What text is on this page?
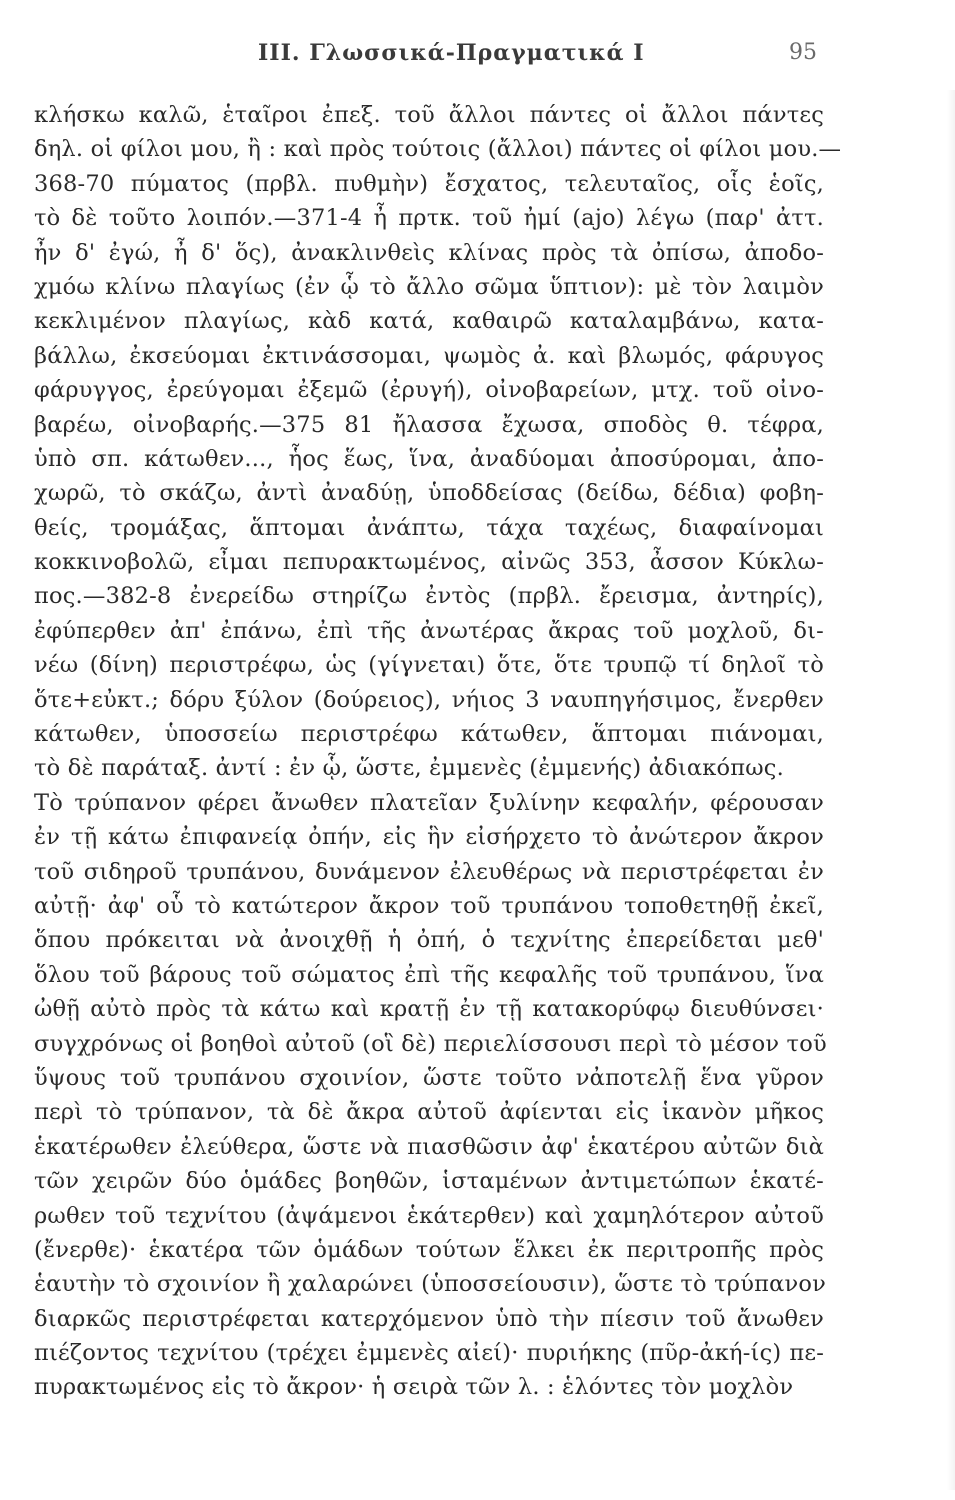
III. Γλωσσικά-Πραγματικά I	95
κλήσκω καλῶ, ἑταῖροι ἐπεξ. τοῦ ἄλλοι πάντες οἱ ἄλλοι πάντες
δηλ. οἱ φίλοι μου, ἢ : καὶ πρὸς τούτοις (ἄλλοι) πάντες οἱ φίλοι μου.—
368-70 πύματος (πρβλ. πυθμὴν) ἔσχατος, τελευταῖος, οἷς ἑοῖς,
τὸ δὲ τοῦτο λοιπόν.—371-4 ἦ πρτκ. τοῦ ἠμί (ajo) λέγω (παρ' ἀττ.
ἦν δ' ἐγώ, ἦ δ' ὅς), ἀνακλινθεὶς κλίνας πρὸς τὰ ὀπίσω, ἀποδο-
χμόω κλίνω πλαγίως (ἐν ᾧ τὸ ἄλλο σῶμα ὕπτιον): μὲ τὸν λαιμὸν
κεκλιμένον πλαγίως, κὰδ κατά, καθαιρῶ καταλαμβάνω, κατα-
βάλλω, ἐκσεύομαι ἐκτινάσσομαι, ψωμὸς ἀ. καὶ βλωμός, φάρυγος
φάρυγγος, ἐρεύγομαι ἐξεμῶ (ἐρυγή), οἰνοβαρείων, μτχ. τοῦ οἰνο-
βαρέω, οἰνοβαρής.—375 81 ἤλασσα ἔχωσα, σποδὸς θ. τέφρα,
ὑπὸ σπ. κάτωθεν..., ἧος ἕως, ἵνα, ἀναδύομαι ἀποσύρομαι, ἀπο-
χωρῶ, τὸ σκάζω, ἀντὶ ἀναδύῃ, ὑποδδείσας (δείδω, δέδια) φοβη-
θείς, τρομάξας, ἅπτομαι ἀνάπτω, τάχα ταχέως, διαφαίνομαι
κοκκινοβολῶ, εἶμαι πεπυρακτωμένος, αἰνῶς 353, ἆσσον Κύκλω-
πος.—382-8 ἐνερείδω στηρίζω ἐντὸς (πρβλ. ἔρεισμα, ἀντηρίς),
ἐφύπερθεν ἀπ' ἐπάνω, ἐπὶ τῆς ἀνωτέρας ἄκρας τοῦ μοχλοῦ, δι-
νέω (δίνη) περιστρέφω, ὡς (γίγνεται) ὅτε, ὅτε τρυπῷ τί δηλοῖ τὸ
ὅτε+εὐκτ.; δόρυ ξύλον (δούρειος), νήιος 3 ναυπηγήσιμος, ἔνερθεν
κάτωθεν, ὑποσσείω περιστρέφω κάτωθεν, ἅπτομαι πιάνομαι,
τὸ δὲ παράταξ. ἀντί : ἐν ᾧ, ὥστε, ἐμμενὲς (ἐμμενής) ἀδιακόπως.
Τὸ τρύπανον φέρει ἄνωθεν πλατεῖαν ξυλίνην κεφαλήν, φέρουσαν
ἐν τῇ κάτω ἐπιφανείᾳ ὀπήν, εἰς ἣν εἰσήρχετο τὸ ἀνώτερον ἄκρον
τοῦ σιδηροῦ τρυπάνου, δυνάμενον ἐλευθέρως νὰ περιστρέφεται ἐν
αὐτῇ· ἀφ' οὗ τὸ κατώτερον ἄκρον τοῦ τρυπάνου τοποθετηθῇ ἐκεῖ,
ὅπου πρόκειται νὰ ἀνοιχθῇ ἡ ὀπή, ὁ τεχνίτης ἐπερείδεται μεθ'
ὅλου τοῦ βάρους τοῦ σώματος ἐπὶ τῆς κεφαλῆς τοῦ τρυπάνου, ἵνα
ὠθῇ αὐτὸ πρὸς τὰ κάτω καὶ κρατῇ ἐν τῇ κατακορύφῳ διευθύνσει·
συγχρόνως οἱ βοηθοὶ αὐτοῦ (οἳ δὲ) περιελίσσουσι περὶ τὸ μέσον τοῦ
ὕψους τοῦ τρυπάνου σχοινίον, ὥστε τοῦτο νἀποτελῇ ἕνα γῦρον
περὶ τὸ τρύπανον, τὰ δὲ ἄκρα αὐτοῦ ἀφίενται εἰς ἱκανὸν μῆκος
ἑκατέρωθεν ἐλεύθερα, ὥστε νὰ πιασθῶσιν ἀφ' ἑκατέρου αὐτῶν διὰ
τῶν χειρῶν δύο ὁμάδες βοηθῶν, ἱσταμένων ἀντιμετώπων ἑκατέ-
ρωθεν τοῦ τεχνίτου (ἀψάμενοι ἑκάτερθεν) καὶ χαμηλότερον αὐτοῦ
(ἔνερθε)· ἑκατέρα τῶν ὁμάδων τούτων ἕλκει ἐκ περιτροπῆς πρὸς
ἑαυτὴν τὸ σχοινίον ἢ χαλαρώνει (ὑποσσείουσιν), ὥστε τὸ τρύπανον
διαρκῶς περιστρέφεται κατερχόμενον ὑπὸ τὴν πίεσιν τοῦ ἄνωθεν
πιέζοντος τεχνίτου (τρέχει ἐμμενὲς αἰεί)· πυριήκης (πῦρ-ἀκή-ίς) πε-
πυρακτωμένος εἰς τὸ ἄκρον· ἡ σειρὰ τῶν λ. : ἑλόντες τὸν μοχλὸν
